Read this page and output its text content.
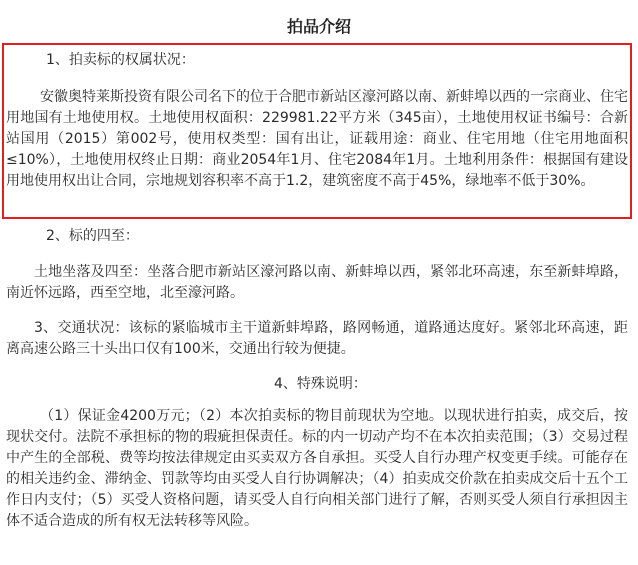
拍品介绍
1、拍卖标的权属状况：
安徽奥特莱斯投资有限公司名下的位于合肥市新站区濠河路以南、新蚌埠以西的一宗商业、住宅用地国有土地使用权。土地使用权面积：229981.22平方米（345亩），土地使用权证书编号：合新站国用（2015）第002号，使用权类型：国有出让，证载用途：商业、住宅用地（住宅用地面积≤10%），土地使用权终止日期：商业2054年1月、住宅2084年1月。土地利用条件：根据国有建设用地使用权出让合同，宗地规划容积率不高于1.2，建筑密度不高于45%，绿地率不低于30%。
2、标的四至：
土地坐落及四至：坐落合肥市新站区濠河路以南、新蚌埠以西，紧邻北环高速，东至新蚌埠路，南近怀远路，西至空地，北至濠河路。
3、交通状况：该标的紧临城市主干道新蚌埠路，路网畅通，道路通达度好。紧邻北环高速，距离高速公路三十头出口仅有100米，交通出行较为便捷。
4、特殊说明：
（1）保证金4200万元；（2）本次拍卖标的物目前现状为空地。以现状进行拍卖，成交后，按现状交付。法院不承担标的物的瑕疵担保责任。标的内一切动产均不在本次拍卖范围；（3）交易过程中产生的全部税、费等均按法律规定由买卖双方各自承担。买受人自行办理产权变更手续。可能存在的相关违约金、滞纳金、罚款等均由买受人自行协调解决；（4）拍卖成交价款在拍卖成交后十五个工作日内支付；（5）买受人资格问题，请买受人自行向相关部门进行了解，否则买受人须自行承担因主体不适合造成的所有权无法转移等风险。
